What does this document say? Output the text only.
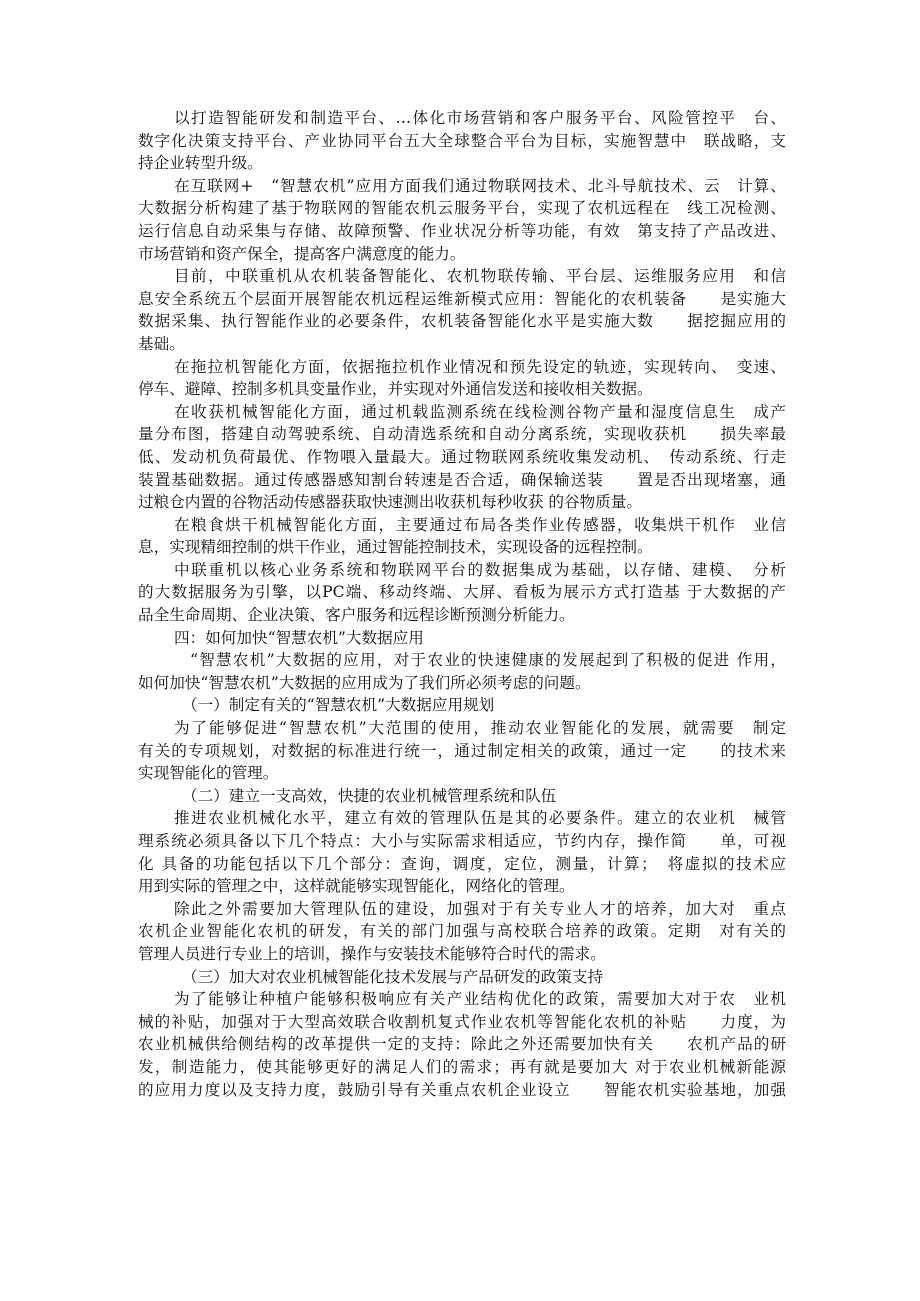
以打造智能研发和制造平台、…体化市场营销和客户服务平台、风险管控平　台、
数字化决策支持平台、产业协同平台五大全球整合平台为目标，实施智慧中　联战略，支
持企业转型升级。
在互联网+　“智慧农机”应用方面我们通过物联网技术、北斗导航技术、云　计算、
大数据分析构建了基于物联网的智能农机云服务平台，实现了农机远程在　线工况检测、
运行信息自动采集与存储、故障预警、作业状况分析等功能，有效　第支持了产品改进、
市场营销和资产保全，提高客户满意度的能力。
目前，中联重机从农机装备智能化、农机物联传输、平台层、运维服务应用　和信
息安全系统五个层面开展智能农机远程运维新模式应用：智能化的农机装备　　是实施大
数据采集、执行智能作业的必要条件，农机装备智能化水平是实施大数　　据挖掘应用的
基础。
在拖拉机智能化方面，依据拖拉机作业情况和预先设定的轨迹，实现转向、　变速、
停车、避障、控制多机具变量作业，并实现对外通信发送和接收相关数据。
在收获机械智能化方面，通过机载监测系统在线检测谷物产量和湿度信息生　成产
量分布图，搭建自动驾驶系统、自动清选系统和自动分离系统，实现收获机　　损失率最
低、发动机负荷最优、作物喂入量最大。通过物联网系统收集发动机、　传动系统、行走
装置基础数据。通过传感器感知割台转速是否合适，确保输送装　　置是否出现堵塞，通
过粮仓内置的谷物活动传感器获取快速测出收获机每秒收获 的谷物质量。
在粮食烘干机械智能化方面，主要通过布局各类作业传感器，收集烘干机作　业信
息，实现精细控制的烘干作业，通过智能控制技术，实现设备的远程控制。
中联重机以核心业务系统和物联网平台的数据集成为基础，以存储、建模、　分析
的大数据服务为引擎，以PC端、移动终端、大屏、看板为展示方式打造基 于大数据的产
品全生命周期、企业决策、客户服务和远程诊断预测分析能力。
四：如何加快“智慧农机”大数据应用
“智慧农机”大数据的应用，对于农业的快速健康的发展起到了积极的促进 作用，
如何加快“智慧农机”大数据的应用成为了我们所必须考虑的问题。
（一）制定有关的“智慧农机”大数据应用规划
为了能够促进“智慧农机”大范围的使用，推动农业智能化的发展，就需要　制定
有关的专项规划，对数据的标准进行统一，通过制定相关的政策，通过一定　　的技术来
实现智能化的管理。
（二）建立一支高效，快捷的农业机械管理系统和队伍
推进农业机械化水平，建立有效的管理队伍是其的必要条件。建立的农业机　械管
理系统必须具备以下几个特点：大小与实际需求相适应，节约内存，操作简　　单，可视
化 具备的功能包括以下几个部分：查询，调度，定位，测量，计算；　将虚拟的技术应
用到实际的管理之中，这样就能够实现智能化，网络化的管理。
除此之外需要加大管理队伍的建设，加强对于有关专业人才的培养，加大对　重点
农机企业智能化农机的研发，有关的部门加强与高校联合培养的政策。定期　对有关的
管理人员进行专业上的培训，操作与安装技术能够符合时代的需求。
（三）加大对农业机械智能化技术发展与产品研发的政策支持
为了能够让种植户能够积极响应有关产业结构优化的政策，需要加大对于农　业机
械的补贴，加强对于大型高效联合收割机复式作业农机等智能化农机的补贴　　力度，为
农业机械供给侧结构的改革提供一定的支持：除此之外还需要加快有关　　农机产品的研
发，制造能力，使其能够更好的满足人们的需求；再有就是要加大 对于农业机械新能源
的应用力度以及支持力度，鼓励引导有关重点农机企业设立　　智能农机实验基地，加强
